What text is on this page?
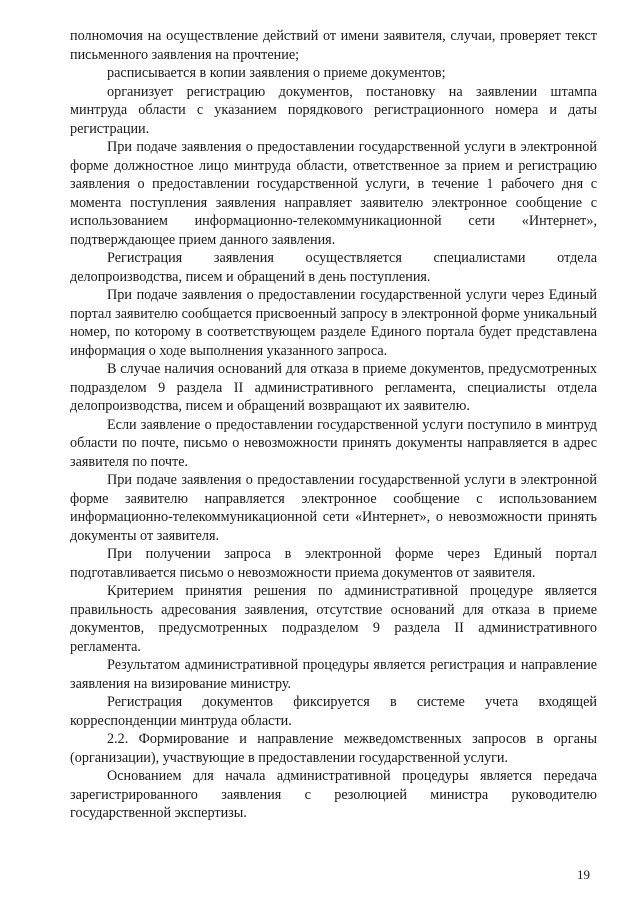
полномочия на осуществление действий от имени заявителя, случаи, проверяет текст письменного заявления на прочтение;

расписывается в копии заявления о приеме документов;

организует регистрацию документов, постановку на заявлении штампа минтруда области с указанием порядкового регистрационного номера и даты регистрации.

При подаче заявления о предоставлении государственной услуги в электронной форме должностное лицо минтруда области, ответственное за прием и регистрацию заявления о предоставлении государственной услуги, в течение 1 рабочего дня с момента поступления заявления направляет заявителю электронное сообщение с использованием информационно-телекоммуникационной сети «Интернет», подтверждающее прием данного заявления.

Регистрация заявления осуществляется специалистами отдела делопроизводства, писем и обращений в день поступления.

При подаче заявления о предоставлении государственной услуги через Единый портал заявителю сообщается присвоенный запросу в электронной форме уникальный номер, по которому в соответствующем разделе Единого портала будет представлена информация о ходе выполнения указанного запроса.

В случае наличия оснований для отказа в приеме документов, предусмотренных подразделом 9 раздела II административного регламента, специалисты отдела делопроизводства, писем и обращений возвращают их заявителю.

Если заявление о предоставлении государственной услуги поступило в минтруд области по почте, письмо о невозможности принять документы направляется в адрес заявителя по почте.

При подаче заявления о предоставлении государственной услуги в электронной форме заявителю направляется электронное сообщение с использованием информационно-телекоммуникационной сети «Интернет», о невозможности принять документы от заявителя.

При получении запроса в электронной форме через Единый портал подготавливается письмо о невозможности приема документов от заявителя.

Критерием принятия решения по административной процедуре является правильность адресования заявления, отсутствие оснований для отказа в приеме документов, предусмотренных подразделом 9 раздела II административного регламента.

Результатом административной процедуры является регистрация и направление заявления на визирование министру.

Регистрация документов фиксируется в системе учета входящей корреспонденции минтруда области.

2.2. Формирование и направление межведомственных запросов в органы (организации), участвующие в предоставлении государственной услуги.

Основанием для начала административной процедуры является передача зарегистрированного заявления с резолюцией министра руководителю государственной экспертизы.

19
